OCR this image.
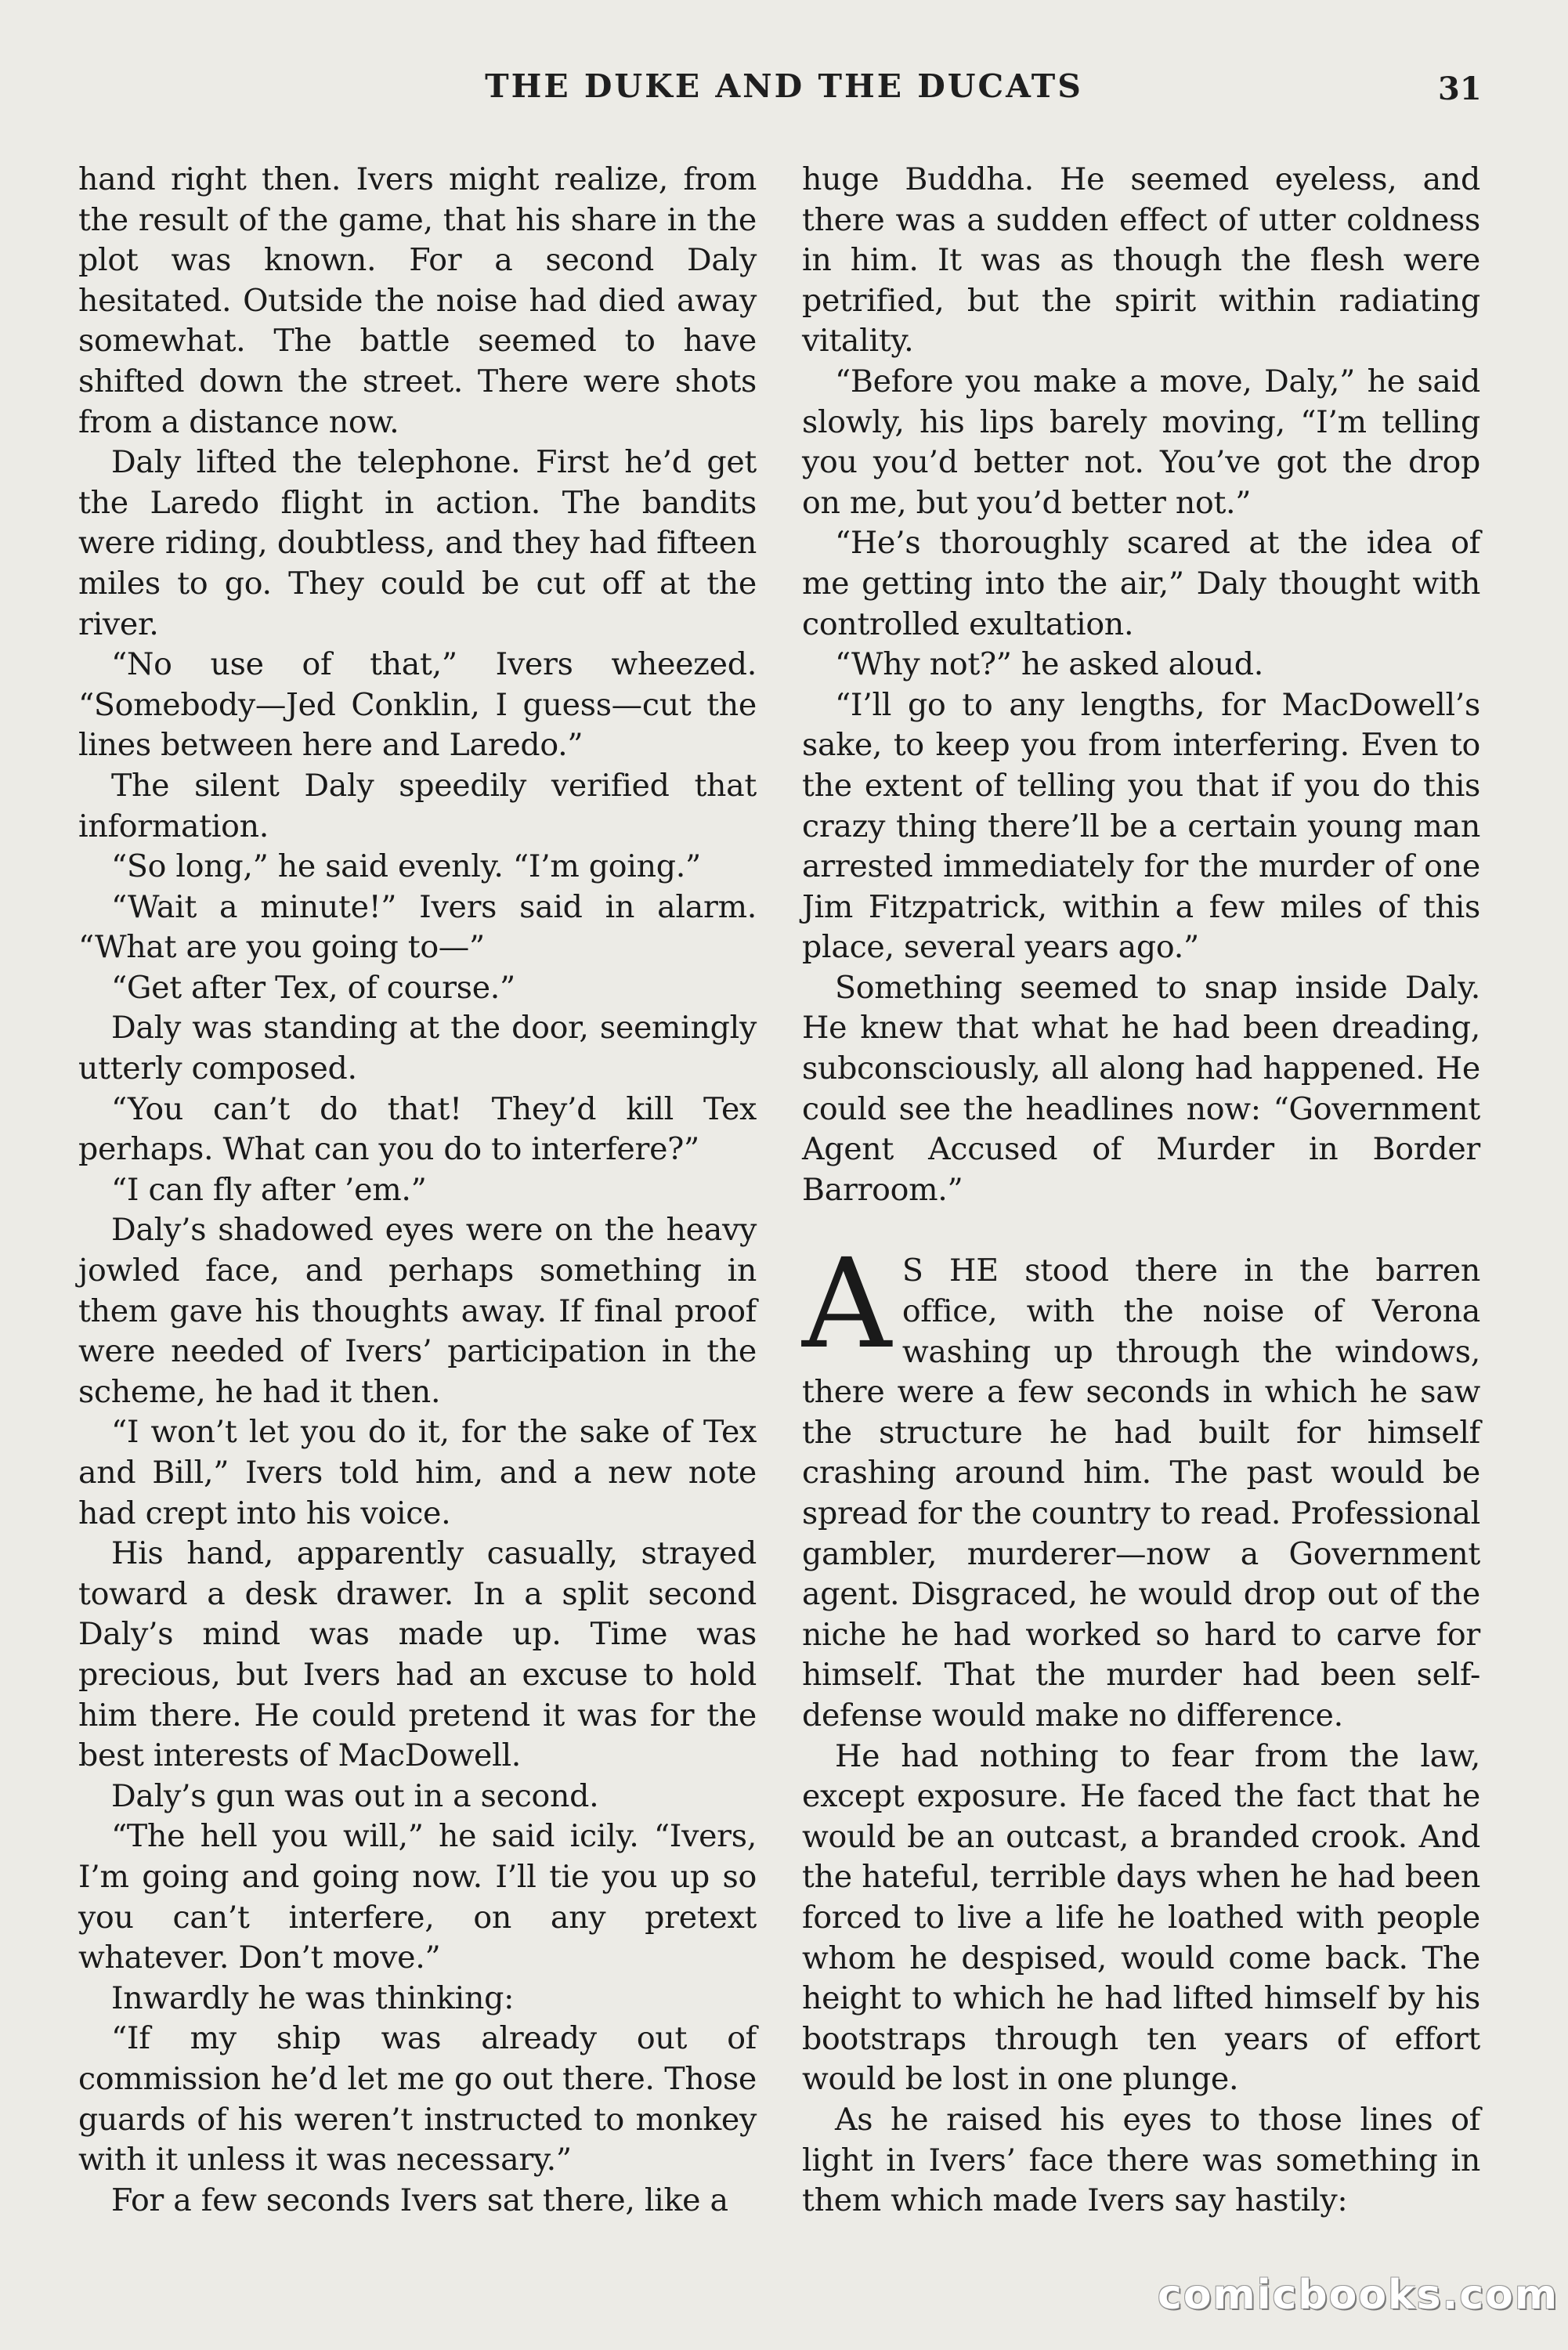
THE DUKE AND THE DUCATS	31

hand right then. Ivers might realize, from the result of the game, that his share in the plot was known. For a second Daly hesitated. Outside the noise had died away somewhat. The battle seemed to have shifted down the street. There were shots from a distance now.

Daly lifted the telephone. First he’d get the Laredo flight in action. The bandits were riding, doubtless, and they had fifteen miles to go. They could be cut off at the river.

“No use of that,” Ivers wheezed. “Somebody—Jed Conklin, I guess—cut the lines between here and Laredo.”

The silent Daly speedily verified that information.

“So long,” he said evenly. “I’m going.”

“Wait a minute!” Ivers said in alarm. “What are you going to—”

“Get after Tex, of course.”

Daly was standing at the door, seemingly utterly composed.

“You can’t do that! They’d kill Tex perhaps. What can you do to interfere?”

“I can fly after ’em.”

Daly’s shadowed eyes were on the heavy jowled face, and perhaps something in them gave his thoughts away. If final proof were needed of Ivers’ participation in the scheme, he had it then.

“I won’t let you do it, for the sake of Tex and Bill,” Ivers told him, and a new note had crept into his voice.

His hand, apparently casually, strayed toward a desk drawer. In a split second Daly’s mind was made up. Time was precious, but Ivers had an excuse to hold him there. He could pretend it was for the best interests of MacDowell.

Daly’s gun was out in a second.

“The hell you will,” he said icily. “Ivers, I’m going and going now. I’ll tie you up so you can’t interfere, on any pretext whatever. Don’t move.”

Inwardly he was thinking:

“If my ship was already out of commission he’d let me go out there. Those guards of his weren’t instructed to monkey with it unless it was necessary.”

For a few seconds Ivers sat there, like a

huge Buddha. He seemed eyeless, and there was a sudden effect of utter coldness in him. It was as though the flesh were petrified, but the spirit within radiating vitality.

“Before you make a move, Daly,” he said slowly, his lips barely moving, “I’m telling you you’d better not. You’ve got the drop on me, but you’d better not.”

“He’s thoroughly scared at the idea of me getting into the air,” Daly thought with controlled exultation.

“Why not?” he asked aloud.

“I’ll go to any lengths, for MacDowell’s sake, to keep you from interfering. Even to the extent of telling you that if you do this crazy thing there’ll be a certain young man arrested immediately for the murder of one Jim Fitzpatrick, within a few miles of this place, several years ago.”

Something seemed to snap inside Daly. He knew that what he had been dreading, subconsciously, all along had happened. He could see the headlines now: “Government Agent Accused of Murder in Border Barroom.”

A S HE stood there in the barren office, with the noise of Verona washing up through the windows, there were a few seconds in which he saw the structure he had built for himself crashing around him. The past would be spread for the country to read. Professional gambler, murderer—now a Government agent. Disgraced, he would drop out of the niche he had worked so hard to carve for himself. That the murder had been self-defense would make no difference.

He had nothing to fear from the law, except exposure. He faced the fact that he would be an outcast, a branded crook. And the hateful, terrible days when he had been forced to live a life he loathed with people whom he despised, would come back. The height to which he had lifted himself by his bootstraps through ten years of effort would be lost in one plunge.

As he raised his eyes to those lines of light in Ivers’ face there was something in them which made Ivers say hastily:

comicbooks.com
